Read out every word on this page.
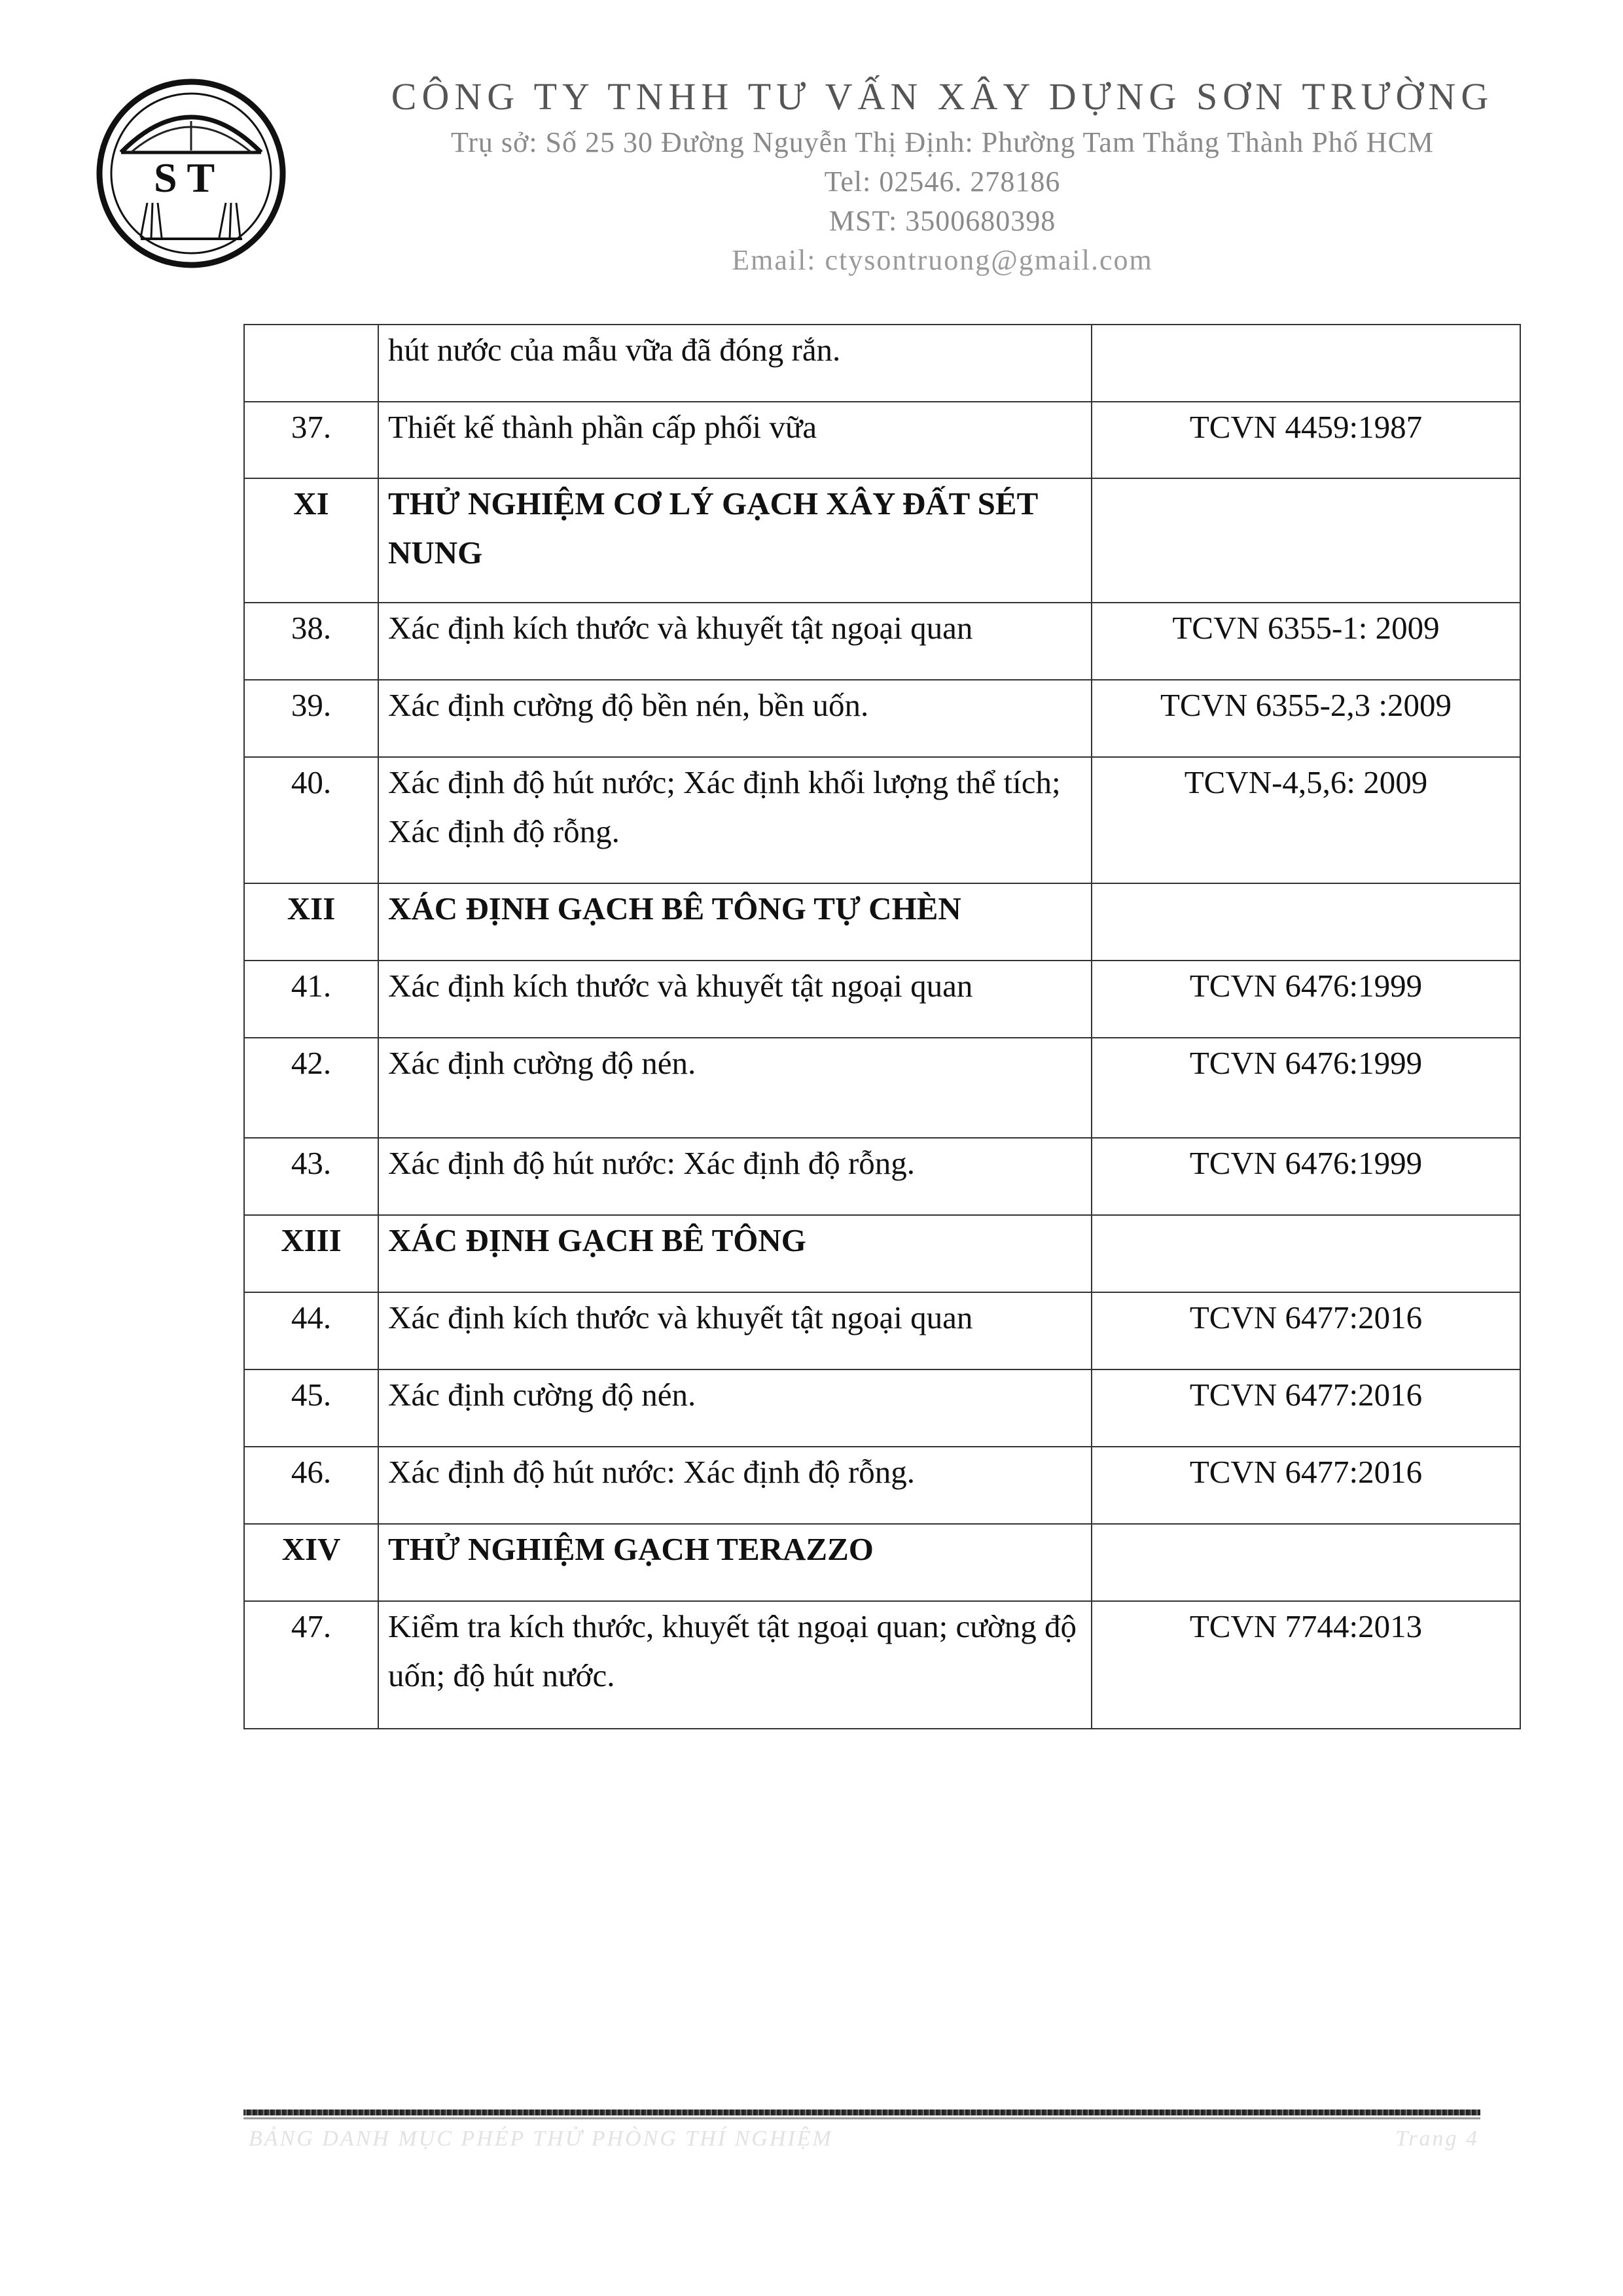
S T
CÔNG TY TNHH TƯ VẤN XÂY DỰNG SƠN TRƯỜNG
Trụ sở: Số 25 30 Đường Nguyễn Thị Định: Phường Tam Thắng Thành Phố HCM
Tel: 02546. 278186
MST: 3500680398
Email: ctysontruong@gmail.com
	hút nước của mẫu vữa đã đóng rắn.	
37.	Thiết kế thành phần cấp phối vữa	TCVN 4459:1987
XI	THỬ NGHIỆM CƠ LÝ GẠCH XÂY ĐẤT SÉT NUNG	
38.	Xác định kích thước và khuyết tật ngoại quan	TCVN 6355-1: 2009
39.	Xác định cường độ bền nén, bền uốn.	TCVN 6355-2,3 :2009
40.	Xác định độ hút nước; Xác định khối lượng thể tích; Xác định độ rỗng.	TCVN-4,5,6: 2009
XII	XÁC ĐỊNH GẠCH BÊ TÔNG TỰ CHÈN	
41.	Xác định kích thước và khuyết tật ngoại quan	TCVN 6476:1999
42.	Xác định cường độ nén.	TCVN 6476:1999
43.	Xác định độ hút nước: Xác định độ rỗng.	TCVN 6476:1999
XIII	XÁC ĐỊNH GẠCH BÊ TÔNG	
44.	Xác định kích thước và khuyết tật ngoại quan	TCVN 6477:2016
45.	Xác định cường độ nén.	TCVN 6477:2016
46.	Xác định độ hút nước: Xác định độ rỗng.	TCVN 6477:2016
XIV	THỬ NGHIỆM GẠCH TERAZZO	
47.	Kiểm tra kích thước, khuyết tật ngoại quan; cường độ uốn; độ hút nước.	TCVN 7744:2013
BẢNG DANH MỤC PHÉP THỬ PHÒNG THÍ NGHIỆM	Trang 4
